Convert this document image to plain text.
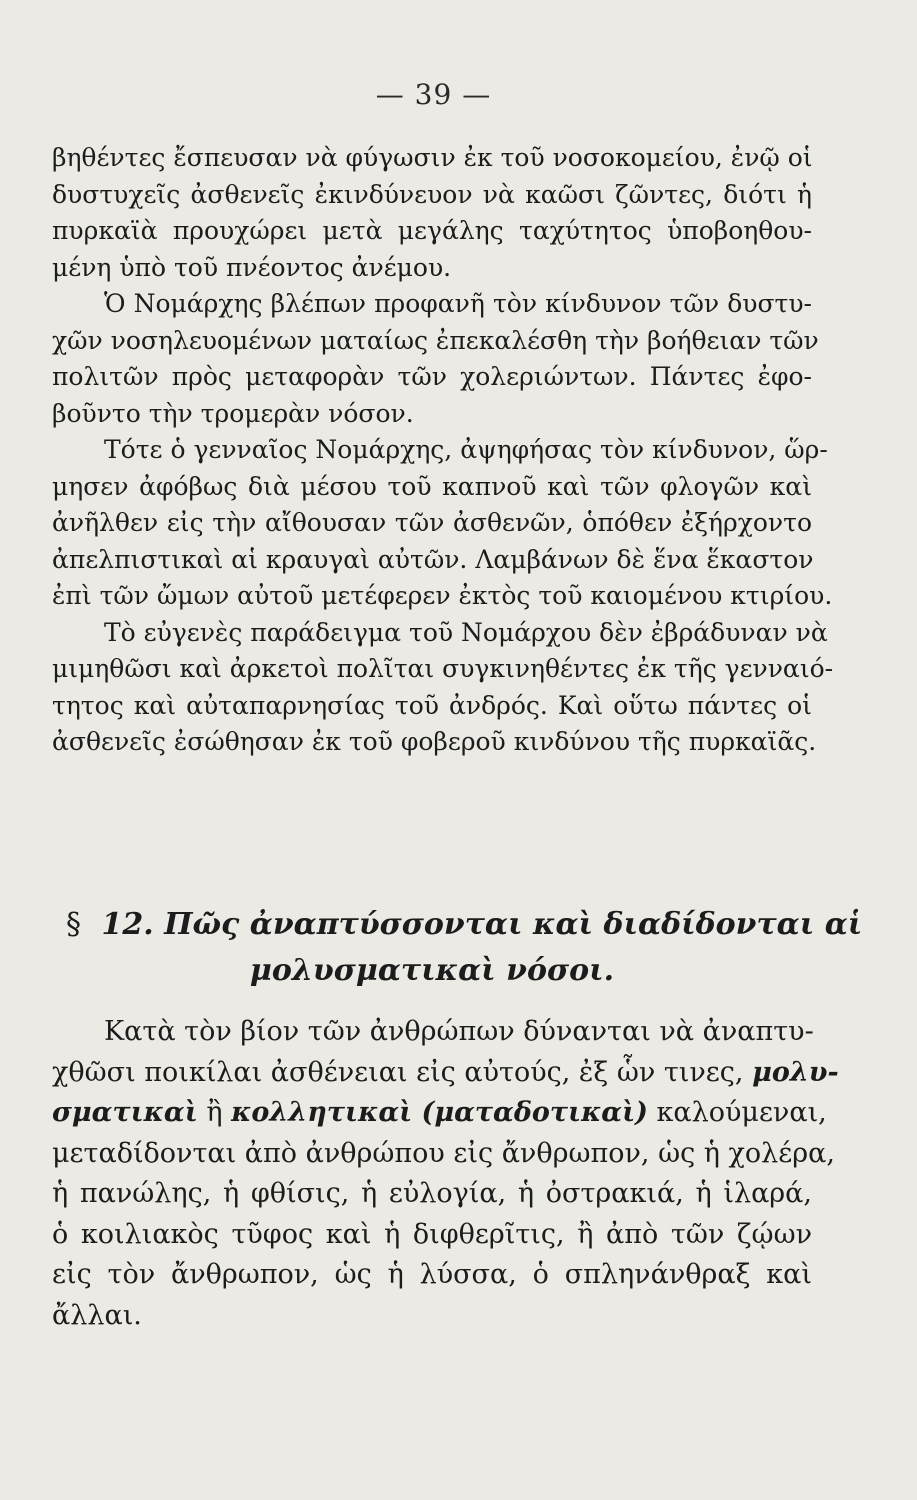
— 39 —
βηθέντες ἔσπευσαν νὰ φύγωσιν ἐκ τοῦ νοσοκομείου, ἐνῷ οἱ
δυστυχεῖς ἀσθενεῖς ἐκινδύνευον νὰ καῶσι ζῶντες, διότι ἡ
πυρκαϊὰ προυχώρει μετὰ μεγάλης ταχύτητος ὑποβοηθου-
μένη ὑπὸ τοῦ πνέοντος ἀνέμου.
Ὁ Νομάρχης βλέπων προφανῆ τὸν κίνδυνον τῶν δυστυ-
χῶν νοσηλευομένων ματαίως ἐπεκαλέσθη τὴν βοήθειαν τῶν
πολιτῶν πρὸς μεταφορὰν τῶν χολεριώντων. Πάντες ἐφο-
βοῦντο τὴν τρομερὰν νόσον.
Τότε ὁ γενναῖος Νομάρχης, ἀψηφήσας τὸν κίνδυνον, ὥρ-
μησεν ἀφόβως διὰ μέσου τοῦ καπνοῦ καὶ τῶν φλογῶν καὶ
ἀνῆλθεν εἰς τὴν αἴθουσαν τῶν ἀσθενῶν, ὁπόθεν ἐξήρχοντο
ἀπελπιστικαὶ αἱ κραυγαὶ αὐτῶν. Λαμβάνων δὲ ἕνα ἕκαστον
ἐπὶ τῶν ὤμων αὐτοῦ μετέφερεν ἐκτὸς τοῦ καιομένου κτιρίου.
Τὸ εὐγενὲς παράδειγμα τοῦ Νομάρχου δὲν ἐβράδυναν νὰ
μιμηθῶσι καὶ ἀρκετοὶ πολῖται συγκινηθέντες ἐκ τῆς γενναιό-
τητος καὶ αὐταπαρνησίας τοῦ ἀνδρός. Καὶ οὕτω πάντες οἱ
ἀσθενεῖς ἐσώθησαν ἐκ τοῦ φοβεροῦ κινδύνου τῆς πυρκαϊᾶς.
§ 12. Πῶς ἀναπτύσσονται καὶ διαδίδονται αἱ
μολυσματικαὶ νόσοι.
Κατὰ τὸν βίον τῶν ἀνθρώπων δύνανται νὰ ἀναπτυ-
χθῶσι ποικίλαι ἀσθένειαι εἰς αὐτούς, ἐξ ὧν τινες, μολυ-
σματικαὶ ἢ κολλητικαὶ (ματαδοτικαὶ) καλούμεναι,
μεταδίδονται ἀπὸ ἀνθρώπου εἰς ἄνθρωπον, ὡς ἡ χολέρα,
ἡ πανώλης, ἡ φθίσις, ἡ εὐλογία, ἡ ὀστρακιά, ἡ ἱλαρά,
ὁ κοιλιακὸς τῦφος καὶ ἡ διφθερῖτις, ἢ ἀπὸ τῶν ζῴων
εἰς τὸν ἄνθρωπον, ὡς ἡ λύσσα, ὁ σπληνάνθραξ καὶ
ἄλλαι.
